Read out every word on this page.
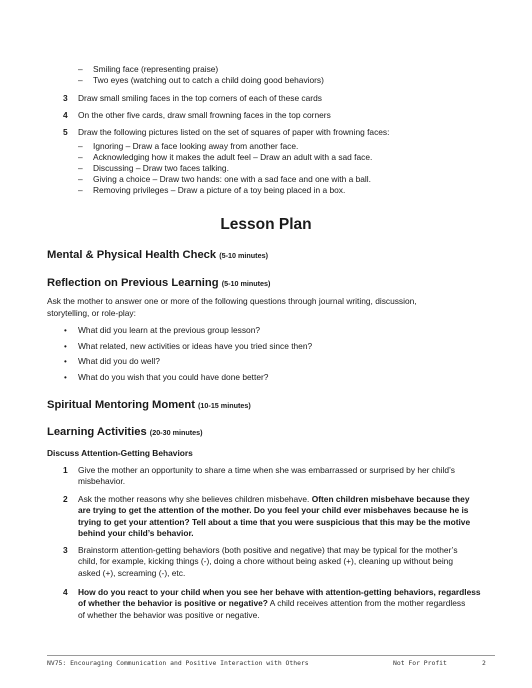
– Smiling face (representing praise)
– Two eyes (watching out to catch a child doing good behaviors)
3 Draw small smiling faces in the top corners of each of these cards
4 On the other five cards, draw small frowning faces in the top corners
5 Draw the following pictures listed on the set of squares of paper with frowning faces:
– Ignoring – Draw a face looking away from another face.
– Acknowledging how it makes the adult feel – Draw an adult with a sad face.
– Discussing – Draw two faces talking.
– Giving a choice – Draw two hands: one with a sad face and one with a ball.
– Removing privileges – Draw a picture of a toy being placed in a box.
Lesson Plan
Mental & Physical Health Check (5-10 minutes)
Reflection on Previous Learning (5-10 minutes)
Ask the mother to answer one or more of the following questions through journal writing, discussion,
storytelling, or role-play:
• What did you learn at the previous group lesson?
• What related, new activities or ideas have you tried since then?
• What did you do well?
• What do you wish that you could have done better?
Spiritual Mentoring Moment (10-15 minutes)
Learning Activities (20-30 minutes)
Discuss Attention-Getting Behaviors
1 Give the mother an opportunity to share a time when she was embarrassed or surprised by her child’s
misbehavior.
2 Ask the mother reasons why she believes children misbehave. Often children misbehave because they
are trying to get the attention of the mother. Do you feel your child ever misbehaves because he is
trying to get your attention? Tell about a time that you were suspicious that this may be the motive
behind your child’s behavior.
3 Brainstorm attention-getting behaviors (both positive and negative) that may be typical for the mother’s
child, for example, kicking things (-), doing a chore without being asked (+), cleaning up without being
asked (+), screaming (-), etc.
4 How do you react to your child when you see her behave with attention-getting behaviors, regardless
of whether the behavior is positive or negative? A child receives attention from the mother regardless
of whether the behavior was positive or negative.
NV75: Encouraging Communication and Positive Interaction with Others	Not For Profit	2
